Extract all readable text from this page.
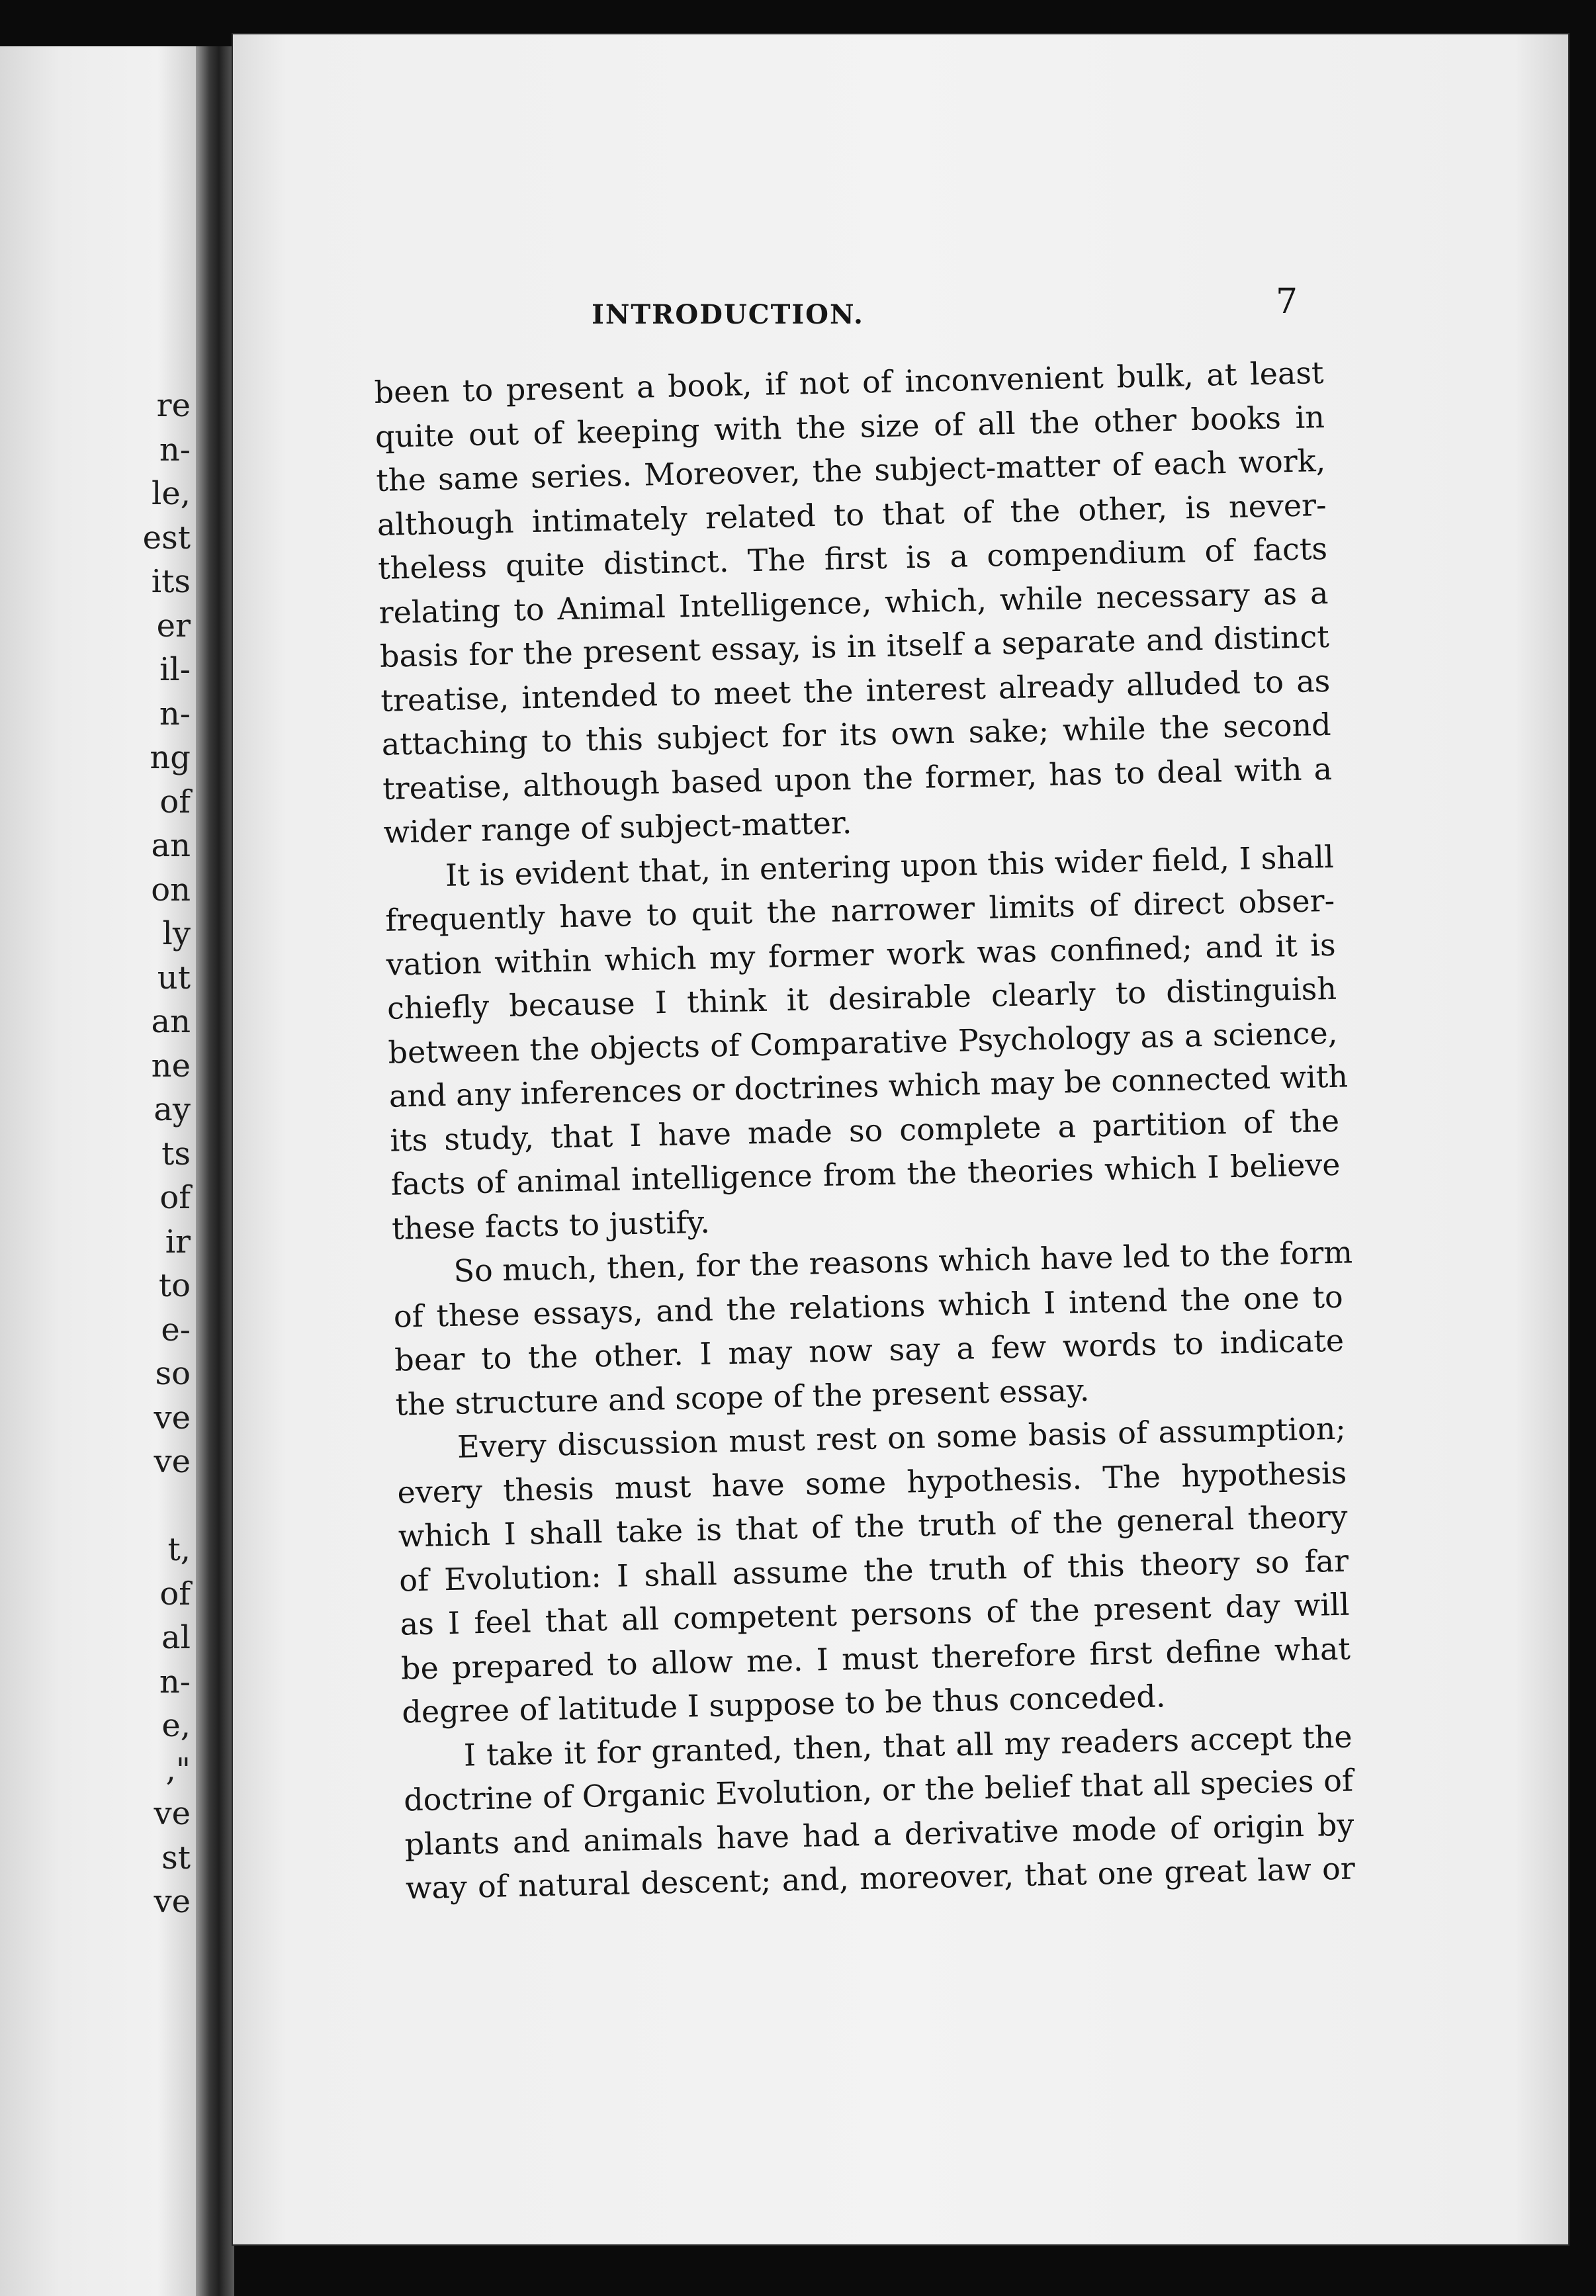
re
n-
le,
est
its
er
il-
n-
ng
of
an
on
ly
ut
an
ne
ay
ts
of
ir
to
e-
so
ve
ve
t,
of
al
n-
e,
,"
ve
st
ve
INTRODUCTION.	7
been to present a book, if not of inconvenient bulk, at least
quite out of keeping with the size of all the other books in
the same series. Moreover, the subject-matter of each work,
although intimately related to that of the other, is never-
theless quite distinct. The first is a compendium of facts
relating to Animal Intelligence, which, while necessary as a
basis for the present essay, is in itself a separate and distinct
treatise, intended to meet the interest already alluded to as
attaching to this subject for its own sake; while the second
treatise, although based upon the former, has to deal with a
wider range of subject-matter.
It is evident that, in entering upon this wider field, I shall
frequently have to quit the narrower limits of direct obser-
vation within which my former work was confined; and it is
chiefly because I think it desirable clearly to distinguish
between the objects of Comparative Psychology as a science,
and any inferences or doctrines which may be connected with
its study, that I have made so complete a partition of the
facts of animal intelligence from the theories which I believe
these facts to justify.
So much, then, for the reasons which have led to the form
of these essays, and the relations which I intend the one to
bear to the other. I may now say a few words to indicate
the structure and scope of the present essay.
Every discussion must rest on some basis of assumption;
every thesis must have some hypothesis. The hypothesis
which I shall take is that of the truth of the general theory
of Evolution: I shall assume the truth of this theory so far
as I feel that all competent persons of the present day will
be prepared to allow me. I must therefore first define what
degree of latitude I suppose to be thus conceded.
I take it for granted, then, that all my readers accept the
doctrine of Organic Evolution, or the belief that all species of
plants and animals have had a derivative mode of origin by
way of natural descent; and, moreover, that one great law or
